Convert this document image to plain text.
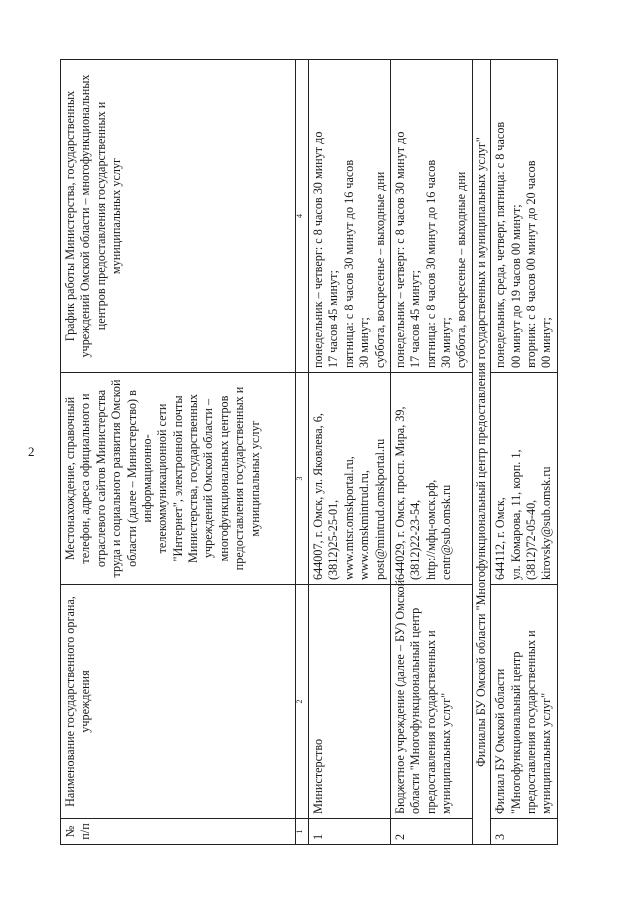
2
№ п/п	Наименование государственного органа, учреждения	Местонахождение, справочный телефон, адреса официального и отраслевого сайтов Министерства труда и социального развития Омской области (далее – Министерство) в информационно-телекоммуникационной сети "Интернет", электронной почты Министерства, государственных учреждений Омской области – многофункциональных центров предоставления государственных и муниципальных услуг	График работы Министерства, государственных учреждений Омской области – многофункциональных центров предоставления государственных и муниципальных услуг
1	2	3	4
1	Министерство	644007, г. Омск, ул. Яковлева, 6, (3812)25-25-01, www.mtsr.omskportal.ru, www.omskmintrud.ru, post@mintrud.omskportal.ru	понедельник – четверг: с 8 часов 30 минут до 17 часов 45 минут; пятница: с 8 часов 30 минут до 16 часов 30 минут; суббота, воскресенье – выходные дни

2	Бюджетное учреждение (далее – БУ) Омской области "Многофункциональный центр предоставления государственных и муниципальных услуг"	644029, г. Омск, просп. Мира, 39, (3812)22-23-54, http://мфц-омск.рф, centr@sub.omsk.ru	понедельник – четверг: с 8 часов 30 минут до 17 часов 45 минут; пятница: с 8 часов 30 минут до 16 часов 30 минут; суббота, воскресенье – выходные дни

Филиалы БУ Омской области "Многофункциональный центр предоставления государственных и муниципальных услуг"			
3	Филиал БУ Омской области "Многофункциональный центр предоставления государственных и муниципальных услуг"	644112, г. Омск, ул. Комарова, 11, корп. 1, (3812)72-05-40, kirovsky@sub.omsk.ru	понедельник, среда, четверг, пятница: с 8 часов 00 минут до 19 часов 00 минут; вторник: с 8 часов 00 минут до 20 часов 00 минут;
